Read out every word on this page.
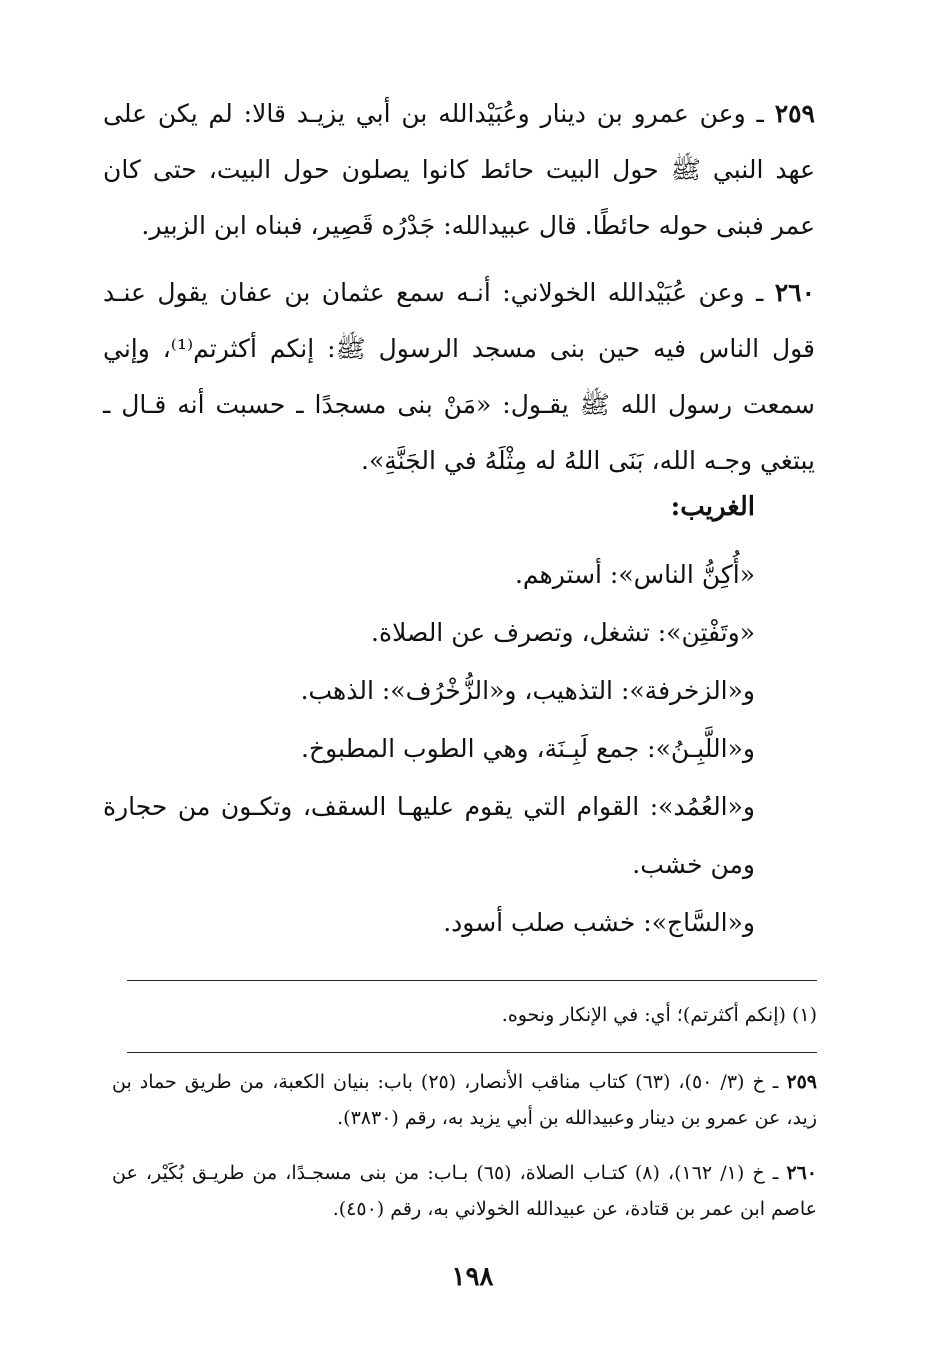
٢٥٩ ـ وعن عمرو بن دينار وعُبَيْدالله بن أبي يزيـد قالا: لم يكن على عهد النبي ﷺ حول البيت حائط كانوا يصلون حول البيت، حتى كان عمر فبنى حوله حائطًا. قال عبيدالله: جَدْرُه قَصِير، فبناه ابن الزبير.

٢٦٠ ـ وعن عُبَيْدالله الخولاني: أنـه سمع عثمان بن عفان يقول عنـد قول الناس فيه حين بنى مسجد الرسول ﷺ: إنكم أكثرتم⁽¹⁾، وإني سمعت رسول الله ﷺ يقـول: «مَنْ بنى مسجدًا ـ حسبت أنه قـال ـ يبتغي وجـه الله، بَنَى اللهُ له مِثْلَهُ في الجَنَّةِ».

الغريب:
«أُكِنُّ الناس»: أسترهم.
«وتَفْتِن»: تشغل، وتصرف عن الصلاة.
و«الزخرفة»: التذهيب، و«الزُّخْرُف»: الذهب.
و«اللَّبِـنُ»: جمع لَبِـنَة، وهي الطوب المطبوخ.
و«العُمُد»: القوام التي يقوم عليهـا السقف، وتكـون من حجارة ومن خشب.
و«السَّاج»: خشب صلب أسود.
(١) (إنكم أكثرتم)؛ أي: في الإنكار ونحوه.

٢٥٩ ـ خ (٣/ ٥٠)، (٦٣) كتاب مناقب الأنصار، (٢٥) باب: بنيان الكعبة، من طريق حماد بن زيد، عن عمرو بن دينار وعبيدالله بن أبي يزيد به، رقم (٣٨٣٠).

٢٦٠ ـ خ (١/ ١٦٢)، (٨) كتـاب الصلاة، (٦٥) بـاب: من بنى مسجـدًا، من طريـق بُكَيْر، عن عاصم ابن عمر بن قتادة، عن عبيدالله الخولاني به، رقم (٤٥٠).

١٩٨
